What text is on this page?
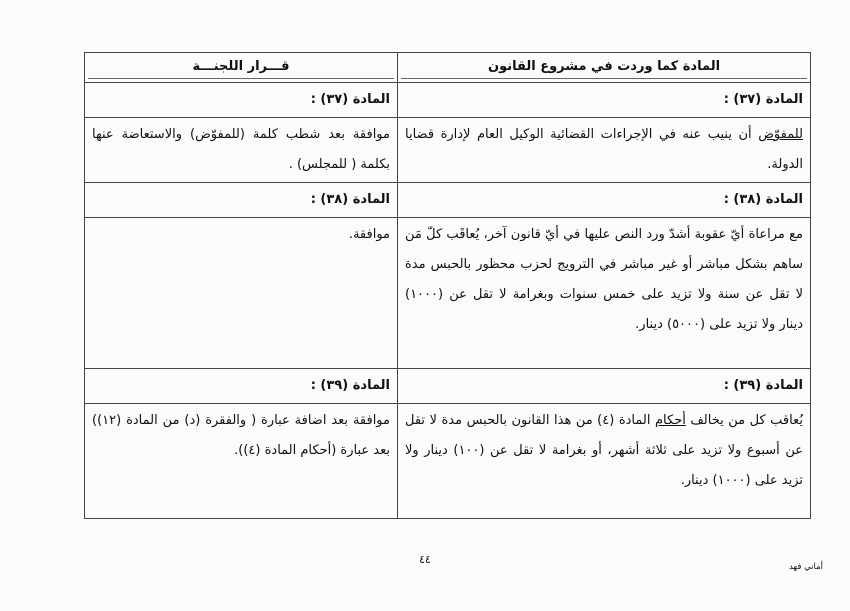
المادة كما وردت في مشروع القانون	قـــرار اللجنـــة
المادة (٣٧) :	المادة (٣٧) :
للمفوّض أن ينيب عنه في الإجراءات القضائية الوكيل العام لإدارة قضايا الدولة.	موافقة بعد شطب كلمة (للمفوّض) والاستعاضة عنها بكلمة ( للمجلس) .
المادة (٣٨) :	المادة (٣٨) :
مع مراعاة أيّ عقوبة أشدّ ورد النص عليها في أيّ قانون آخر، يُعاقَب كلّ مَن ساهم بشكل مباشر أو غير مباشر في الترويج لحزب محظور بالحبس مدة لا تقل عن سنة ولا تزيد على خمس سنوات وبغرامة لا تقل عن (١٠٠٠) دينار ولا تزيد على (٥٠٠٠) دينار.	موافقة.
المادة (٣٩) :	المادة (٣٩) :
يُعاقب كل من يخالف أحكام المادة (٤) من هذا القانون بالحبس مدة لا تقل عن أسبوع ولا تزيد على ثلاثة أشهر، أو بغرامة لا تقل عن (١٠٠) دينار ولا تزيد على (١٠٠٠) دينار.	موافقة بعد اضافة عبارة ( والفقرة (د) من المادة (١٢)) بعد عبارة (أحكام المادة (٤)).
٤٤
أماني فهد
